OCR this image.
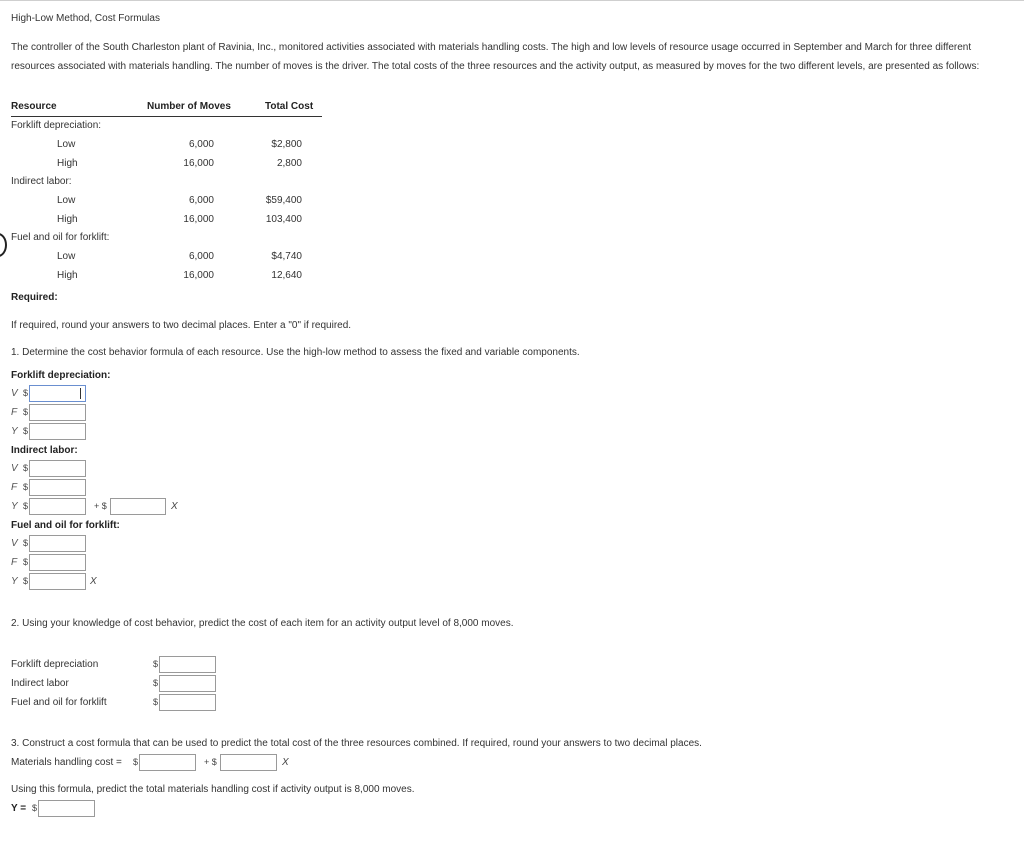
High-Low Method, Cost Formulas
The controller of the South Charleston plant of Ravinia, Inc., monitored activities associated with materials handling costs. The high and low levels of resource usage occurred in September and March for three different resources associated with materials handling. The number of moves is the driver. The total costs of the three resources and the activity output, as measured by moves for the two different levels, are presented as follows:
Resource	Number of Moves	Total Cost
Forklift depreciation:
Low	6,000	$2,800
High	16,000	2,800
Indirect labor:
Low	6,000	$59,400
High	16,000	103,400
Fuel and oil for forklift:
Low	6,000	$4,740
High	16,000	12,640
Required:
If required, round your answers to two decimal places. Enter a "0" if required.
1. Determine the cost behavior formula of each resource. Use the high-low method to assess the fixed and variable components.
Forklift depreciation:
V $
F $
Y $
Indirect labor:
V $
F $
Y $	+ $	X
Fuel and oil for forklift:
V $
F $
Y $	X
2. Using your knowledge of cost behavior, predict the cost of each item for an activity output level of 8,000 moves.
Forklift depreciation	$
Indirect labor	$
Fuel and oil for forklift	$
3. Construct a cost formula that can be used to predict the total cost of the three resources combined. If required, round your answers to two decimal places.
Materials handling cost = $	+ $	X
Using this formula, predict the total materials handling cost if activity output is 8,000 moves.
Y = $
